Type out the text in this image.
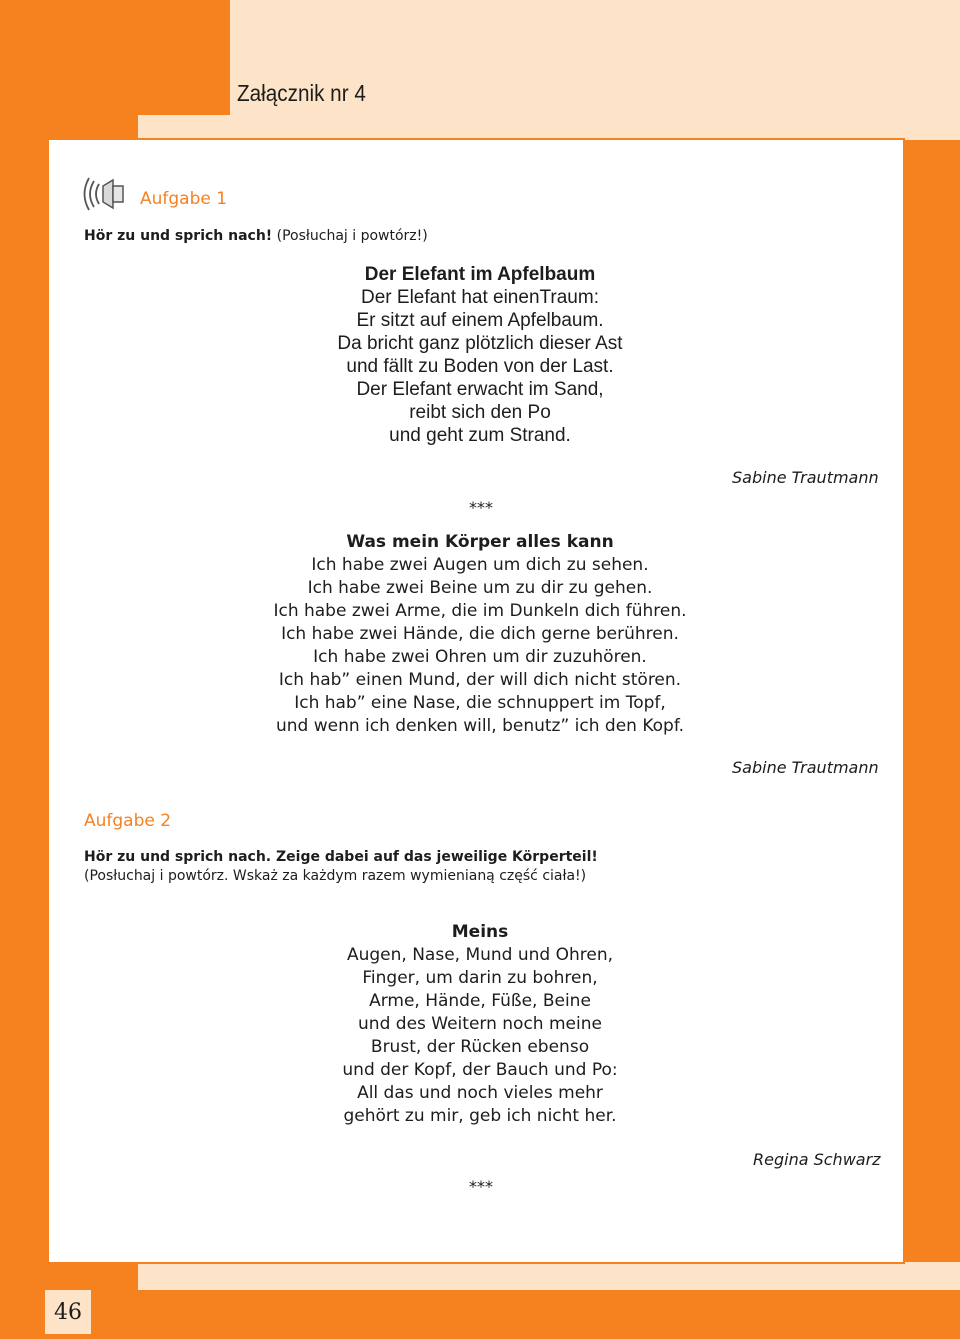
Załącznik nr 4
Aufgabe 1
Hör zu und sprich nach! (Posłuchaj i powtórz!)
Der Elefant im Apfelbaum
Der Elefant hat einenTraum:
Er sitzt auf einem Apfelbaum.
Da bricht ganz plötzlich dieser Ast
und fällt zu Boden von der Last.
Der Elefant erwacht im Sand,
reibt sich den Po
und geht zum Strand.
Sabine Trautmann
***
Was mein Körper alles kann
Ich habe zwei Augen um dich zu sehen.
Ich habe zwei Beine um zu dir zu gehen.
Ich habe zwei Arme, die im Dunkeln dich führen.
Ich habe zwei Hände, die dich gerne berühren.
Ich habe zwei Ohren um dir zuzuhören.
Ich hab” einen Mund, der will dich nicht stören.
Ich hab” eine Nase, die schnuppert im Topf,
und wenn ich denken will, benutz” ich den Kopf.
Sabine Trautmann
Aufgabe 2
Hör zu und sprich nach. Zeige dabei auf das jeweilige Körperteil!
(Posłuchaj i powtórz. Wskaż za każdym razem wymienianą część ciała!)
Meins
Augen, Nase, Mund und Ohren,
Finger, um darin zu bohren,
Arme, Hände, Füße, Beine
und des Weitern noch meine
Brust, der Rücken ebenso
und der Kopf, der Bauch und Po:
All das und noch vieles mehr
gehört zu mir, geb ich nicht her.
Regina Schwarz
***
46
